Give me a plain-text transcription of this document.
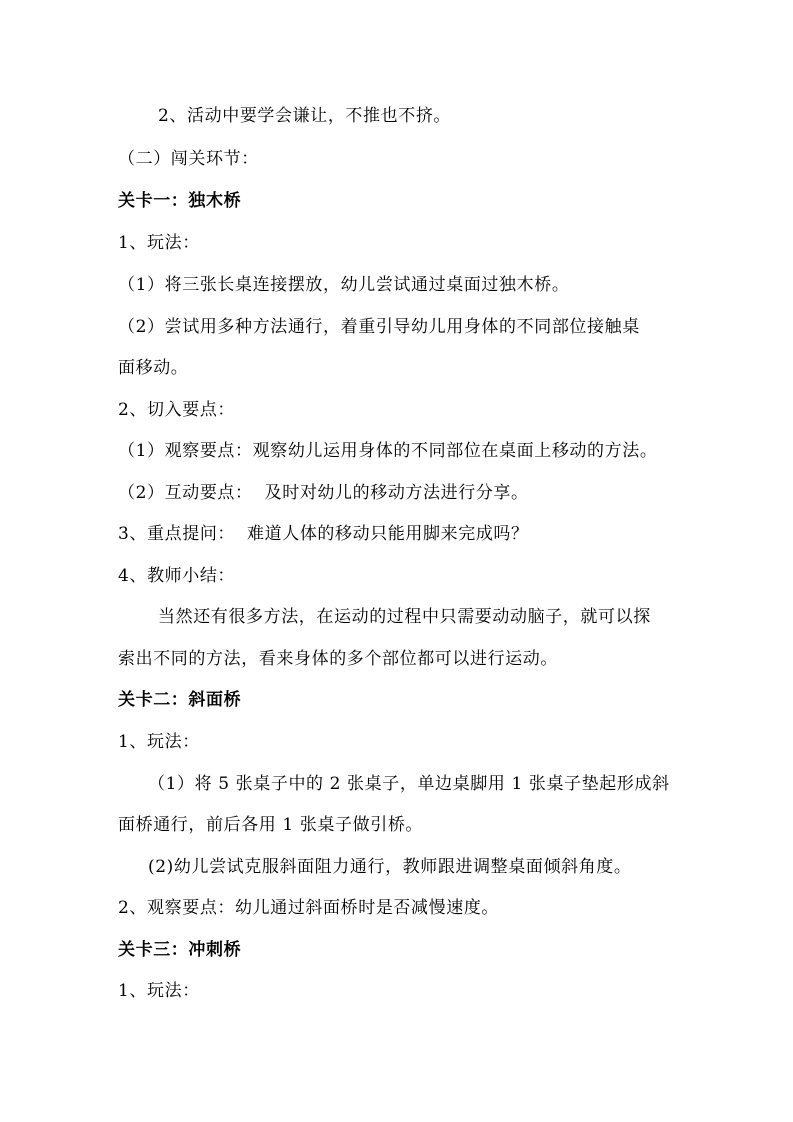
2、活动中要学会谦让，不推也不挤。
（二）闯关环节：
关卡一：独木桥
1、玩法：
（1）将三张长桌连接摆放，幼儿尝试通过桌面过独木桥。
（2）尝试用多种方法通行，着重引导幼儿用身体的不同部位接触桌
面移动。
2、切入要点：
（1）观察要点：观察幼儿运用身体的不同部位在桌面上移动的方法。
（2）互动要点：  及时对幼儿的移动方法进行分享。
3、重点提问：  难道人体的移动只能用脚来完成吗？
4、教师小结：
当然还有很多方法，在运动的过程中只需要动动脑子，就可以探
索出不同的方法，看来身体的多个部位都可以进行运动。
关卡二：斜面桥
1、玩法：
（1）将 5 张桌子中的 2 张桌子，单边桌脚用 1 张桌子垫起形成斜
面桥通行，前后各用 1 张桌子做引桥。
(2)幼儿尝试克服斜面阻力通行，教师跟进调整桌面倾斜角度。
2、观察要点：幼儿通过斜面桥时是否减慢速度。
关卡三：冲刺桥
1、玩法：
